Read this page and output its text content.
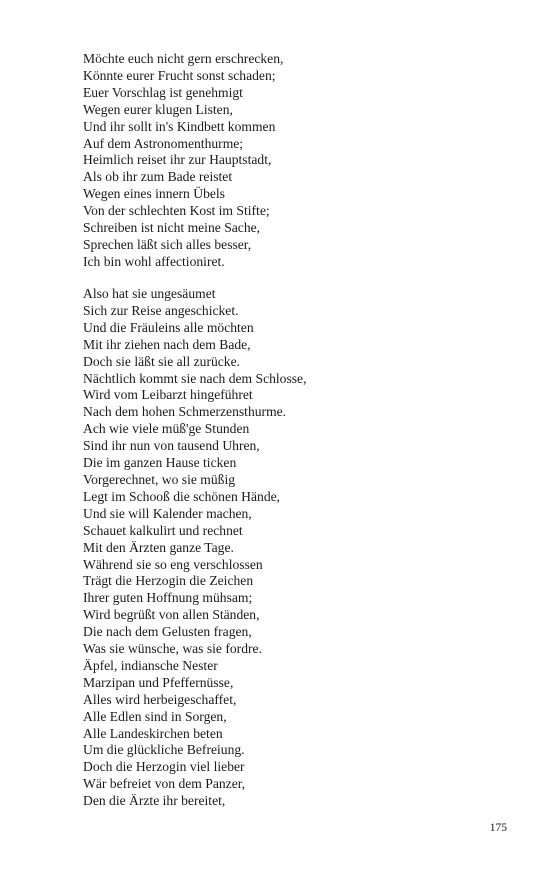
Möchte euch nicht gern erschrecken,
Könnte eurer Frucht sonst schaden;
Euer Vorschlag ist genehmigt
Wegen eurer klugen Listen,
Und ihr sollt in's Kindbett kommen
Auf dem Astronomenthurme;
Heimlich reiset ihr zur Hauptstadt,
Als ob ihr zum Bade reistet
Wegen eines innern Übels
Von der schlechten Kost im Stifte;
Schreiben ist nicht meine Sache,
Sprechen läßt sich alles besser,
Ich bin wohl affectioniret.
Also hat sie ungesäumet
Sich zur Reise angeschicket.
Und die Fräuleins alle möchten
Mit ihr ziehen nach dem Bade,
Doch sie läßt sie all zurücke.
Nächtlich kommt sie nach dem Schlosse,
Wird vom Leibarzt hingeführet
Nach dem hohen Schmerzensthurme.
Ach wie viele müß'ge Stunden
Sind ihr nun von tausend Uhren,
Die im ganzen Hause ticken
Vorgerechnet, wo sie müßig
Legt im Schooß die schönen Hände,
Und sie will Kalender machen,
Schauet kalkulirt und rechnet
Mit den Ärzten ganze Tage.
Während sie so eng verschlossen
Trägt die Herzogin die Zeichen
Ihrer guten Hoffnung mühsam;
Wird begrüßt von allen Ständen,
Die nach dem Gelusten fragen,
Was sie wünsche, was sie fordre.
Äpfel, indiansche Nester
Marzipan und Pfeffernüsse,
Alles wird herbeigeschaffet,
Alle Edlen sind in Sorgen,
Alle Landeskirchen beten
Um die glückliche Befreiung.
Doch die Herzogin viel lieber
Wär befreiet von dem Panzer,
Den die Ärzte ihr bereitet,
175
